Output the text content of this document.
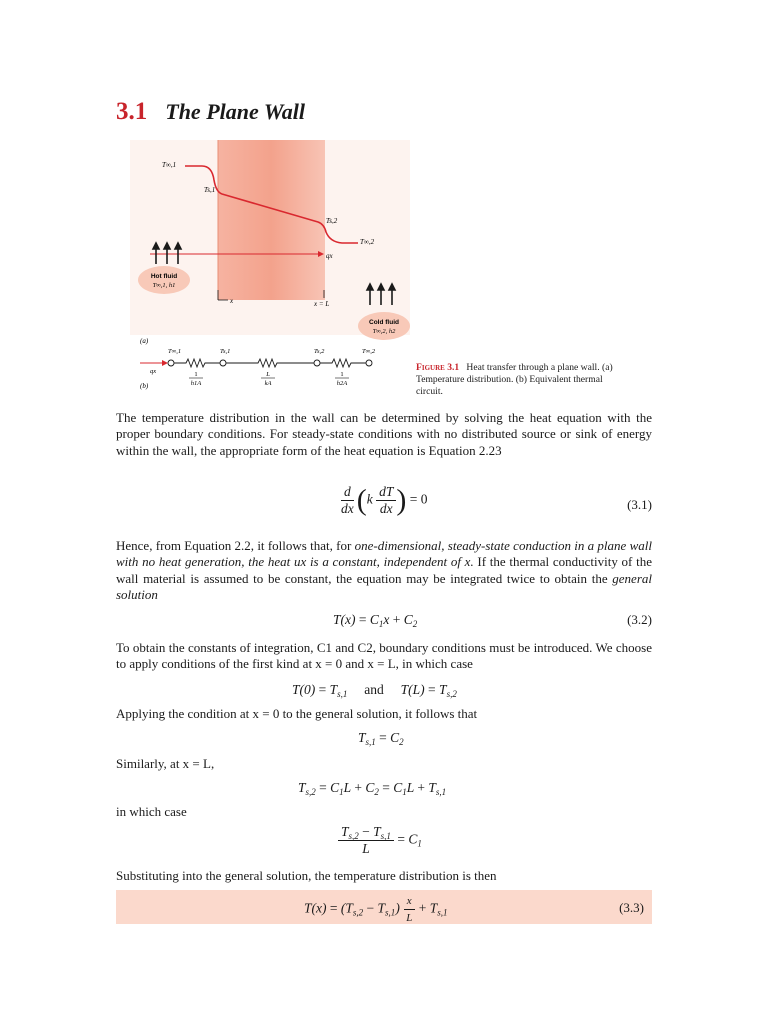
3.1 The Plane Wall
T∞,1
Ts,1
Ts,2
T∞,2
qx
Hot fluid
T∞,1, h1
x	x = L
Cold fluid
T∞,2, h2
(a)
(b)
qx
T∞,1	Ts,1	Ts,2	T∞,2
1
h1A
L
kA
1
h2A
Figure 3.1 Heat transfer through a plane wall. (a) Temperature distribution. (b) Equivalent thermal circuit.

The temperature distribution in the wall can be determined by solving the heat equation with the proper boundary conditions. For steady-state conditions with no distributed source or sink of energy within the wall, the appropriate form of the heat equation is Equation 2.23

$\frac{d}{dx} (k \frac{dT}{dx}$ ) = 0	(3.1)

Hence, from Equation 2.2, it follows that, for one-dimensional, steady-state conduction in a plane wall with no heat generation, the heat ux is a constant, independent of x. If the thermal conductivity of the wall material is assumed to be constant, the equation may be integrated twice to obtain the general solution

$T(x) = C_1x + C_2$	(3.2)

To obtain the constants of integration, C1 and C2, boundary conditions must be introduced. We choose to apply conditions of the first kind at x = 0 and x = L, in which case

$T(0) = T_{s,1}$ and     $T(L) = T_{s,2}$

Applying the condition at x = 0 to the general solution, it follows that

$T_{s,1} = C_2$

Similarly, at x = L,

$T_{s,2} = C_1L + C_2 = C_1L + T_{s,1}$

in which case

$\frac{T_{s,2} - T_{s,1}}{L} = C_1$

Substituting into the general solution, the temperature distribution is then

$T(x) = (T_{s,2} - T_{s,1}) \frac{x}{L} + T_{s,1}$	(3.3)
